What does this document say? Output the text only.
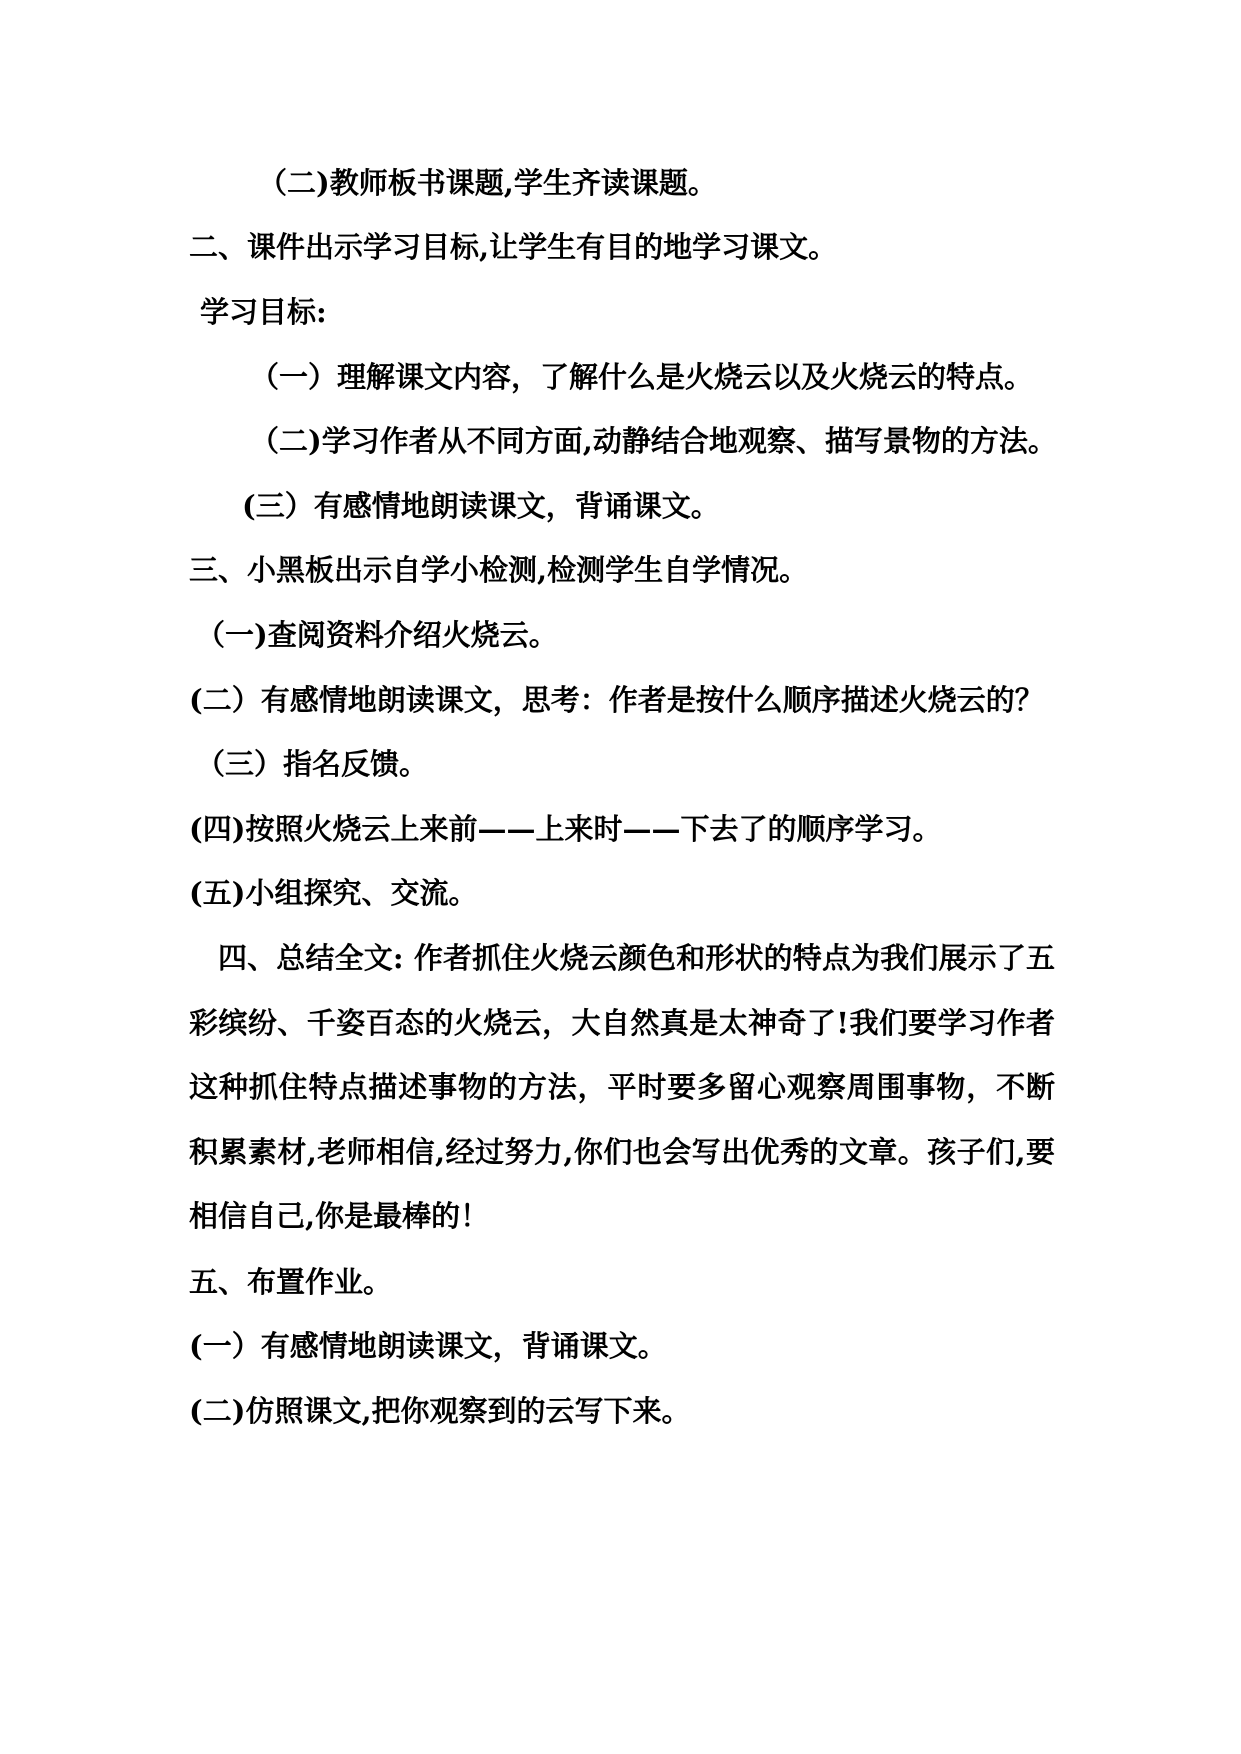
（二)教师板书课题,学生齐读课题。
二、课件出示学习目标,让学生有目的地学习课文。
学习目标:
（一）理解课文内容，了解什么是火烧云以及火烧云的特点。
（二)学习作者从不同方面,动静结合地观察、描写景物的方法。
(三）有感情地朗读课文，背诵课文。
三、小黑板出示自学小检测,检测学生自学情况。
（一)查阅资料介绍火烧云。
(二）有感情地朗读课文，思考：作者是按什么顺序描述火烧云的？
（三）指名反馈。
(四)按照火烧云上来前——上来时——下去了的顺序学习。
(五)小组探究、交流。
四、总结全文: 作者抓住火烧云颜色和形状的特点为我们展示了五彩缤纷、千姿百态的火烧云，大自然真是太神奇了!我们要学习作者这种抓住特点描述事物的方法，平时要多留心观察周围事物，不断积累素材,老师相信,经过努力,你们也会写出优秀的文章。孩子们,要相信自己,你是最棒的！
五、布置作业。
(一）有感情地朗读课文，背诵课文。
(二)仿照课文,把你观察到的云写下来。
